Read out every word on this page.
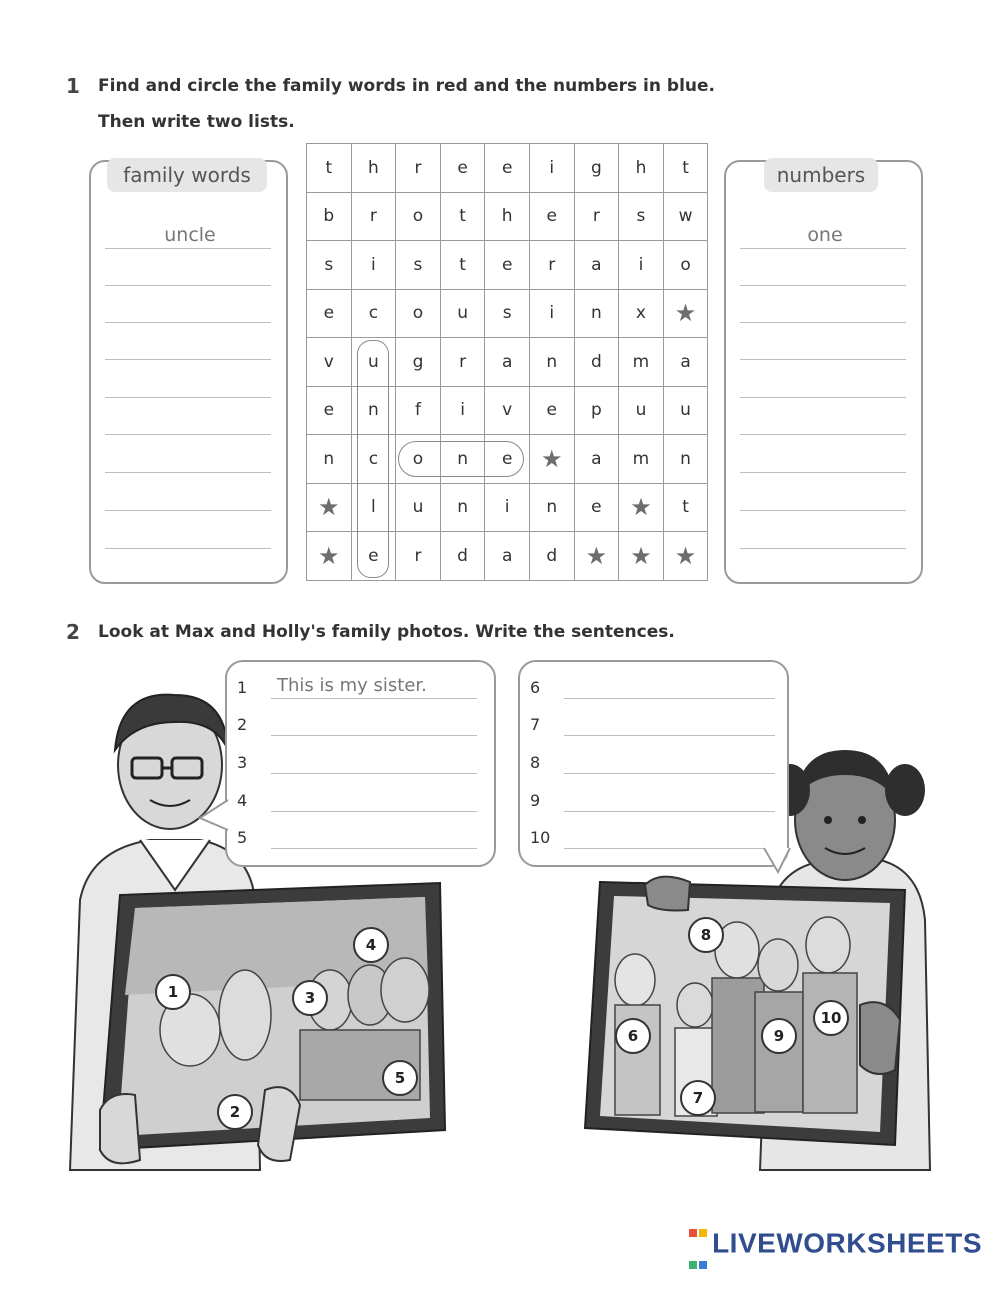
1 Find and circle the family words in red and the numbers in blue.
Then write two lists.
family words
uncle
t	h	r	e	e	i	g	h	t
b	r	o	t	h	e	r	s	w
s	i	s	t	e	r	a	i	o
e	c	o	u	s	i	n	x	★
v	u	g	r	a	n	d	m	a
e	n	f	i	v	e	p	u	u
n	c	o	n	e	★	a	m	n
★	l	u	n	i	n	e	★	t
★	e	r	d	a	d	★	★	★
numbers
one
2 Look at Max and Holly's family photos. Write the sentences.
1	This is my sister.
2
3
4
5
6
7
8
9
10
1
2
3
4
5
6
7
8
9
10

LIVEWORKSHEETS
